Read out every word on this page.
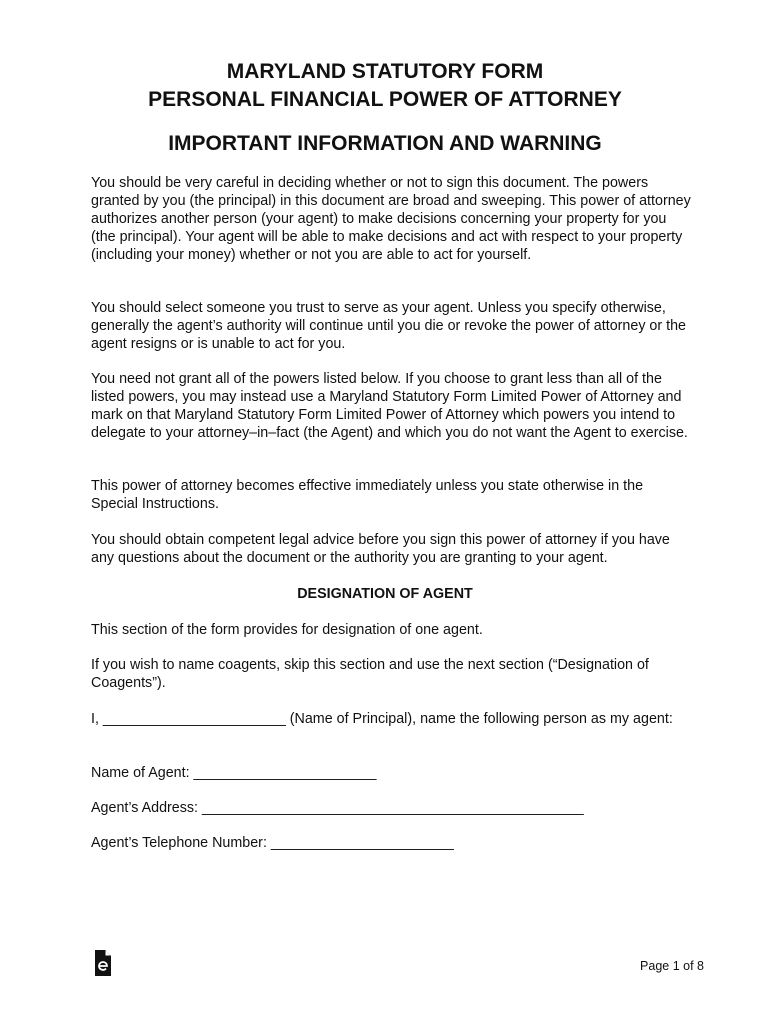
MARYLAND STATUTORY FORM
PERSONAL FINANCIAL POWER OF ATTORNEY
IMPORTANT INFORMATION AND WARNING

You should be very careful in deciding whether or not to sign this document. The powers granted by you (the principal) in this document are broad and sweeping. This power of attorney authorizes another person (your agent) to make decisions concerning your property for you (the principal). Your agent will be able to make decisions and act with respect to your property (including your money) whether or not you are able to act for yourself.

You should select someone you trust to serve as your agent. Unless you specify otherwise, generally the agent’s authority will continue until you die or revoke the power of attorney or the agent resigns or is unable to act for you.

You need not grant all of the powers listed below. If you choose to grant less than all of the listed powers, you may instead use a Maryland Statutory Form Limited Power of Attorney and mark on that Maryland Statutory Form Limited Power of Attorney which powers you intend to delegate to your attorney–in–fact (the Agent) and which you do not want the Agent to exercise.

This power of attorney becomes effective immediately unless you state otherwise in the Special Instructions.

You should obtain competent legal advice before you sign this power of attorney if you have any questions about the document or the authority you are granting to your agent.

DESIGNATION OF AGENT

This section of the form provides for designation of one agent.

If you wish to name coagents, skip this section and use the next section (“Designation of Coagents”).

I, _______________________ (Name of Principal), name the following person as my agent:

Name of Agent: _______________________
Agent’s Address: ________________________________________________
Agent’s Telephone Number: _______________________
Page 1 of 8
